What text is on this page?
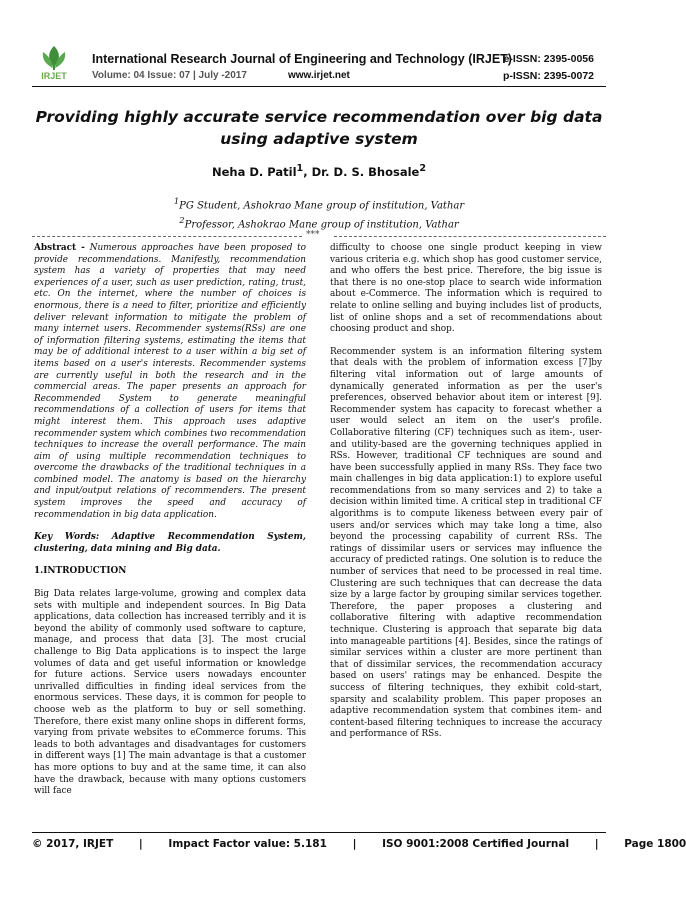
IRJET
International Research Journal of Engineering and Technology (IRJET)
e-ISSN: 2395-0056
Volume: 04 Issue: 07 | July -2017	www.irjet.net	p-ISSN: 2395-0072
Providing highly accurate service recommendation over big data using adaptive system
Neha D. Patil$^1$, Dr. D. S. Bhosale$^2$
$^1$PG Student, Ashokrao Mane group of institution, Vathar
$^2$Professor, Ashokrao Mane group of institution, Vathar
***

Abstract - Numerous approaches have been proposed to provide recommendations. Manifestly, recommendation system has a variety of properties that may need experiences of a user, such as user prediction, rating, trust, etc. On the internet, where the number of choices is enormous, there is a need to filter, prioritize and efficiently deliver relevant information to mitigate the problem of many internet users. Recommender systems(RSs) are one of information filtering systems, estimating the items that may be of additional interest to a user within a big set of items based on a user's interests. Recommender systems are currently useful in both the research and in the commercial areas. The paper presents an approach for Recommended System to generate meaningful recommendations of a collection of users for items that might interest them. This approach uses adaptive recommender system which combines two recommendation techniques to increase the overall performance. The main aim of using multiple recommendation techniques to overcome the drawbacks of the traditional techniques in a combined model. The anatomy is based on the hierarchy and input/output relations of recommenders. The present system improves the speed and accuracy of recommendation in big data application.

Key Words: Adaptive Recommendation System, clustering, data mining and Big data.

1.INTRODUCTION

Big Data relates large-volume, growing and complex data sets with multiple and independent sources. In Big Data applications, data collection has increased terribly and it is beyond the ability of commonly used software to capture, manage, and process that data [3]. The most crucial challenge to Big Data applications is to inspect the large volumes of data and get useful information or knowledge for future actions. Service users nowadays encounter unrivalled difficulties in finding ideal services from the enormous services. These days, it is common for people to choose web as the platform to buy or sell something. Therefore, there exist many online shops in different forms, varying from private websites to eCommerce forums. This leads to both advantages and disadvantages for customers in different ways [1] The main advantage is that a customer has more options to buy and at the same time, it can also have the drawback, because with many options customers will face

difficulty to choose one single product keeping in view various criteria e.g. which shop has good customer service, and who offers the best price. Therefore, the big issue is that there is no one-stop place to search wide information about e-Commerce. The information which is required to relate to online selling and buying includes list of products, list of online shops and a set of recommendations about choosing product and shop.

Recommender system is an information filtering system that deals with the problem of information excess [7]by filtering vital information out of large amounts of dynamically generated information as per the user's preferences, observed behavior about item or interest [9]. Recommender system has capacity to forecast whether a user would select an item on the user's profile. Collaborative filtering (CF) techniques such as item-, user- and utility-based are the governing techniques applied in RSs. However, traditional CF techniques are sound and have been successfully applied in many RSs. They face two main challenges in big data application:1) to explore useful recommendations from so many services and 2) to take a decision within limited time. A critical step in traditional CF algorithms is to compute likeness between every pair of users and/or services which may take long a time, also beyond the processing capability of current RSs. The ratings of dissimilar users or services may influence the accuracy of predicted ratings. One solution is to reduce the number of services that need to be processed in real time. Clustering are such techniques that can decrease the data size by a large factor by grouping similar services together. Therefore, the paper proposes a clustering and collaborative filtering with adaptive recommendation technique. Clustering is approach that separate big data into manageable partitions [4]. Besides, since the ratings of similar services within a cluster are more pertinent than that of dissimilar services, the recommendation accuracy based on users' ratings may be enhanced. Despite the success of filtering techniques, they exhibit cold-start, sparsity and scalability problem. This paper proposes an adaptive recommendation system that combines item- and content-based filtering techniques to increase the accuracy and performance of RSs.

© 2017, IRJET | Impact Factor value: 5.181 | ISO 9001:2008 Certified Journal | Page 1800
